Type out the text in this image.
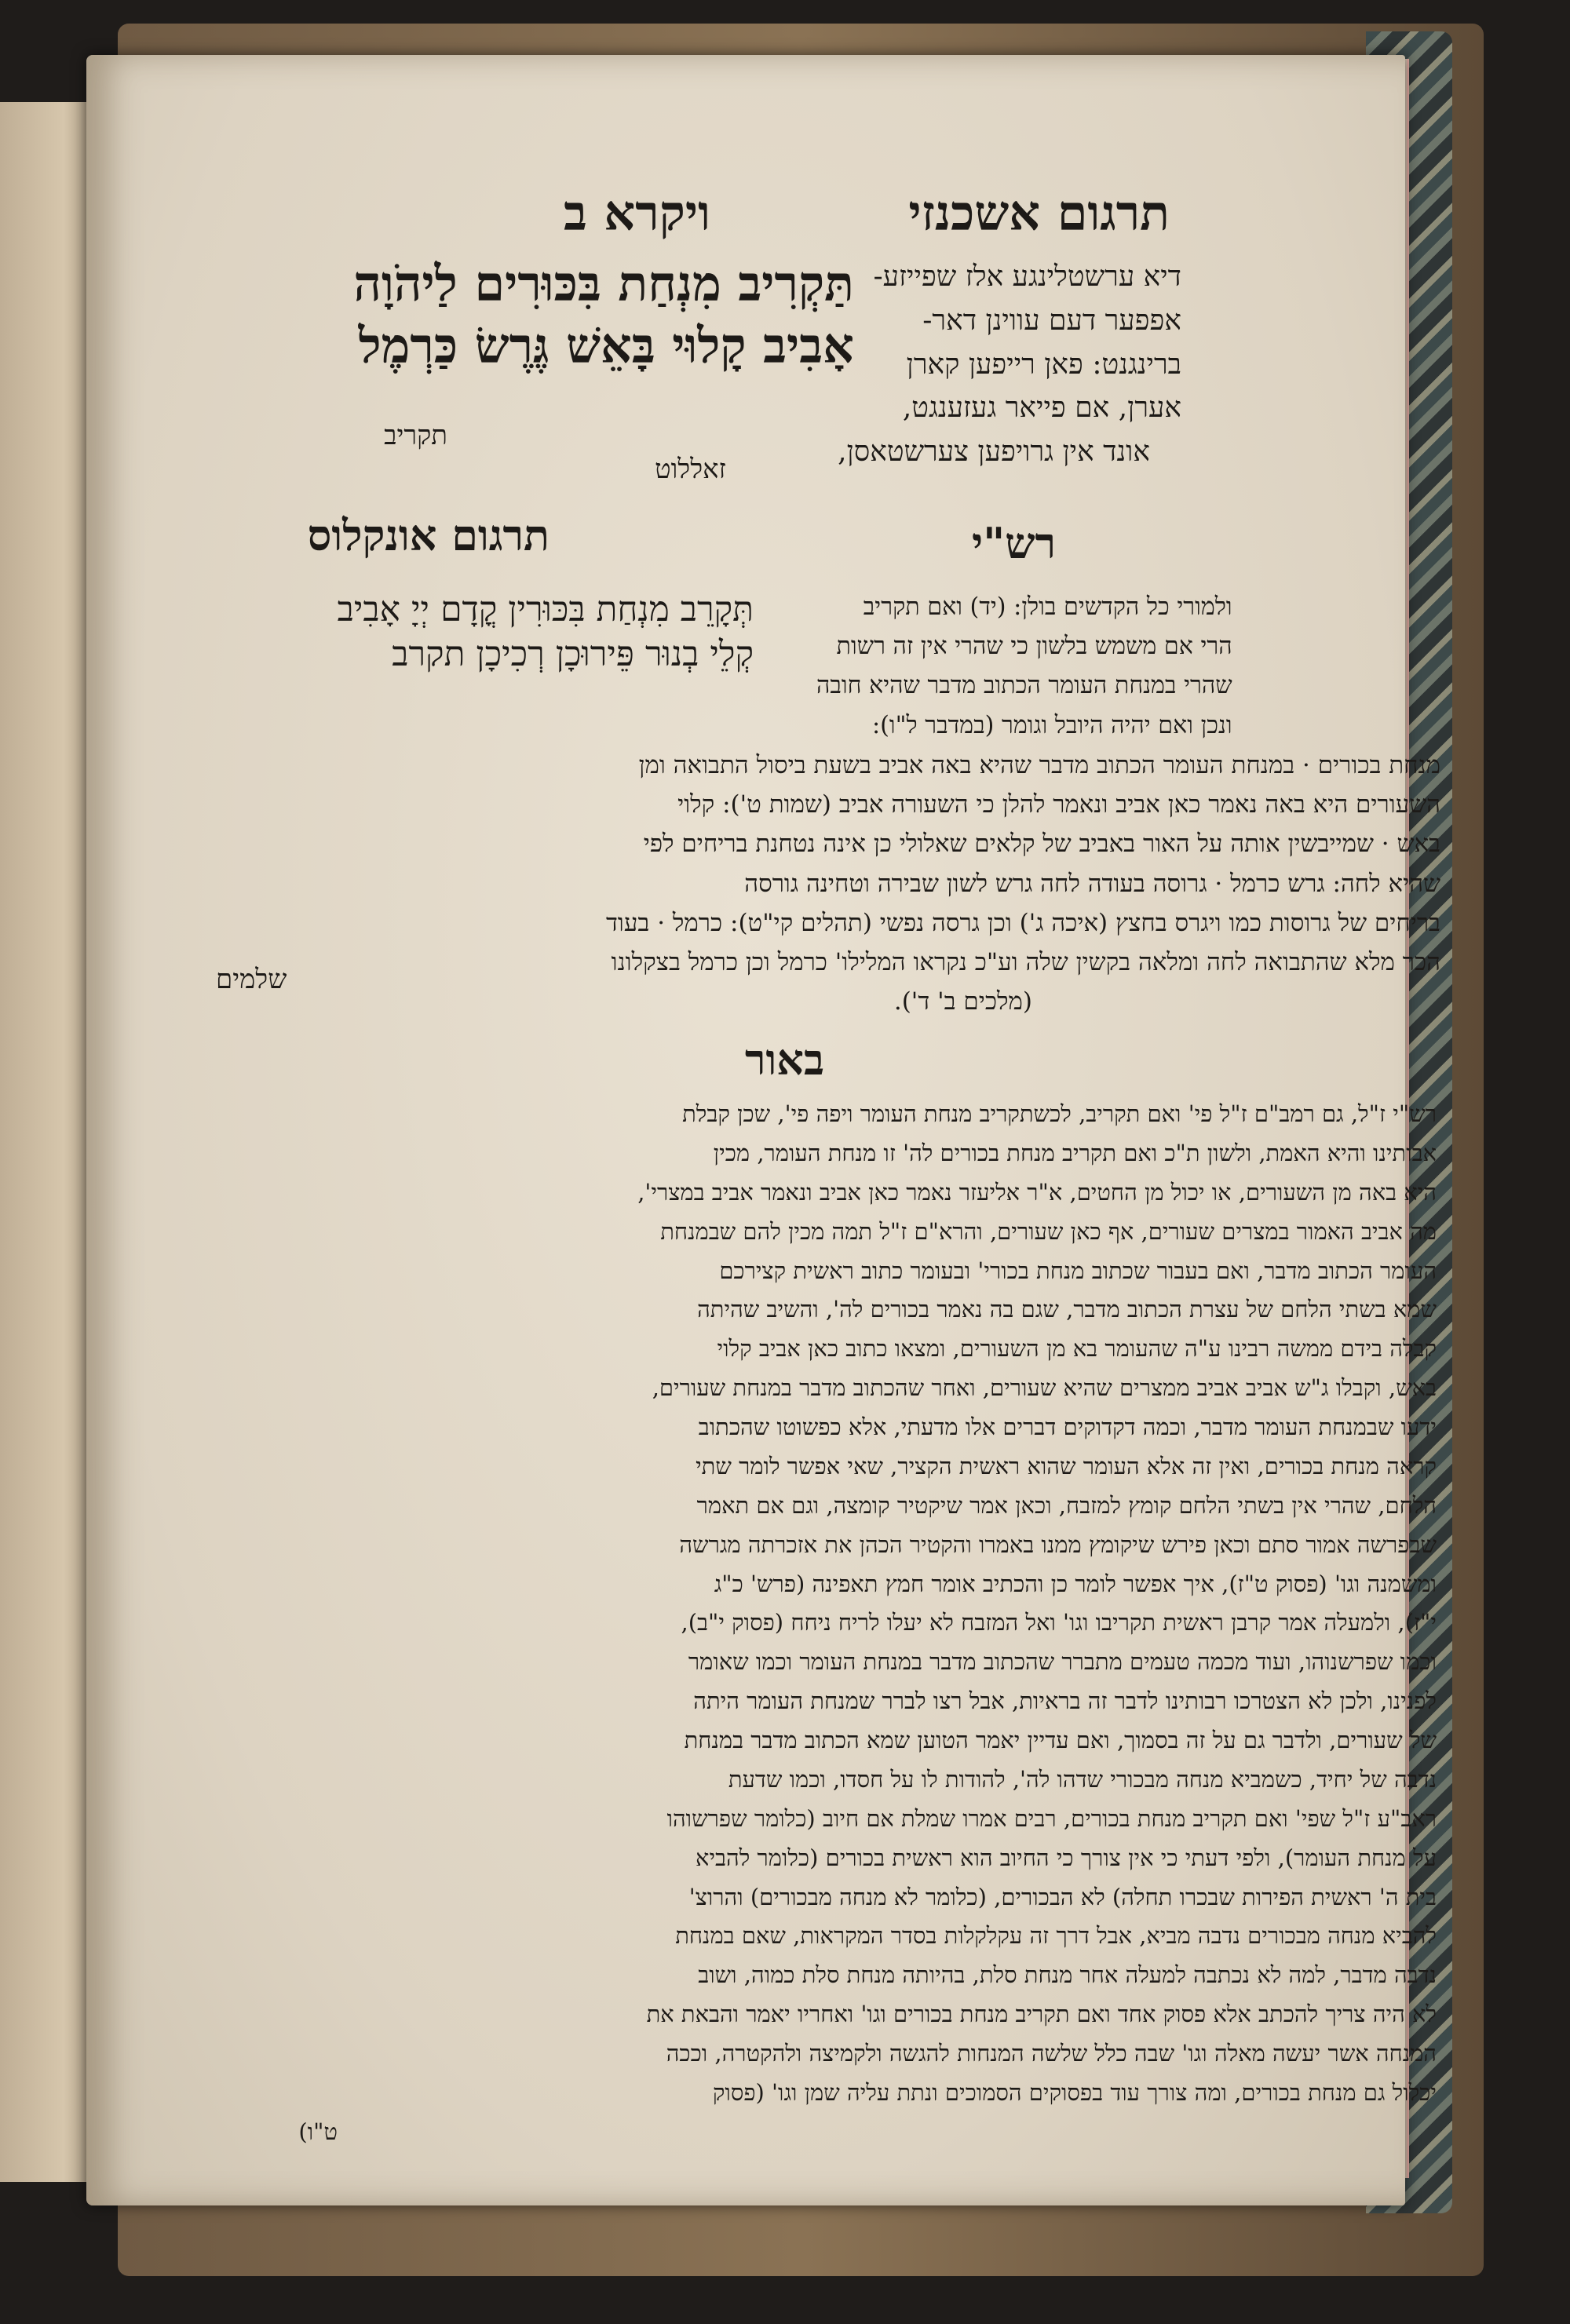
תרגום אשכנזי
ויקרא ב
תַּקְרִיב מִנְחַת בִּכּוּרִים לַיהֹוָה
אָבִיב קָלוּי בָּאֵשׁ גֶּרֶשׂ כַּרְמֶל
תקריב
זאללוט
דיא ערשטלינגע אלז שפייזע-
אפפער דעם עווינן דאר-
ברינגנט: פאן רייפען קארן
אערן, אם פייאר געזענגט,
אונד אין גרויפען צערשטאסן,
תרגום אונקלוס
תְּקָרֵב מִנְחַת בִּכּוּרִין קֳדָם יְיָ אָבִיב
קְלֵי בְנוּר פֵּירוּכָן רְכִיכָן תקרב
רש"י
ולמורי כל הקדשים בולן: (יד) ואם תקריב
הרי אם משמש בלשון כי שהרי אין זה רשות
שהרי במנחת העומר הכתוב מדבר שהיא חובה
ונכן ואם יהיה היובל וגומר (במדבר ל"ו):
מנחת בכורים · במנחת העומר הכתוב מדבר שהיא באה אביב בשעת ביסול התבואה ומן
השעורים היא באה נאמר כאן אביב ונאמר להלן כי השעורה אביב (שמות ט'): קלוי
באש · שמייבשין אותה על האור באביב של קלאים שאלולי כן אינה נטחנת בריחים לפי
שהיא לחה: גרש כרמל · גרוסה בעודה לחה גרש לשון שבירה וטחינה גורסה
בריחים של גרוסות כמו ויגרס בחצץ (איכה ג') וכן גרסה נפשי (תהלים קי"ט): כרמל · בעוד
הכר מלא שהתבואה לחה ומלאה בקשין שלה וע"כ נקראו המלילו' כרמל וכן כרמל בצקלונו
(מלכים ב' ד').
שלמים
באור
רש"י ז"ל, גם רמב"ם ז"ל פי' ואם תקריב, לכשתקריב מנחת העומר ויפה פי', שכן קבלת
אבותינו והיא האמת, ולשון ת"כ ואם תקריב מנחת בכורים לה' זו מנחת העומר, מכין
היא באה מן השעורים, או יכול מן החטים, א"ר אליעזר נאמר כאן אביב ונאמר אביב במצרי',
מה אביב האמור במצרים שעורים, אף כאן שעורים, והרא"ם ז"ל תמה מכין להם שבמנחת
העומר הכתוב מדבר, ואם בעבור שכתוב מנחת בכורי' ובעומר כתוב ראשית קצירכם
שמא בשתי הלחם של עצרת הכתוב מדבר, שגם בה נאמר בכורים לה', והשיב שהיתה
קבלה בידם ממשה רבינו ע"ה שהעומר בא מן השעורים, ומצאו כתוב כאן אביב קלוי
באש, וקבלו ג"ש אביב אביב ממצרים שהיא שעורים, ואחר שהכתוב מדבר במנחת שעורים,
ידעו שבמנחת העומר מדבר, וכמה דקדוקים דברים אלו מדעתי, אלא כפשוטו שהכתוב
קראה מנחת בכורים, ואין זה אלא העומר שהוא ראשית הקציר, שאי אפשר לומר שתי
הלחם, שהרי אין בשתי הלחם קומץ למזבח, וכאן אמר שיקטיר קומצה, וגם אם תאמר
שבפרשה אמור סתם וכאן פירש שיקומץ ממנו באמרו והקטיר הכהן את אזכרתה מגרשה
ומשמנה וגו' (פסוק ט"ז), איך אפשר לומר כן והכתיב אומר חמץ תאפינה (פרש' כ"ג
י"ז), ולמעלה אמר קרבן ראשית תקריבו וגו' ואל המזבח לא יעלו לריח ניחח (פסוק י"ב),
וכמו שפרשנוהו, ועוד מכמה טעמים מתברר שהכתוב מדבר במנחת העומר וכמו שאומר
לפנינו, ולכן לא הצטרכו רבותינו לדבר זה בראיות, אבל רצו לברר שמנחת העומר היתה
של שעורים, ולדבר גם על זה בסמוך, ואם עדיין יאמר הטוען שמא הכתוב מדבר במנחת
נדבה של יחיד, כשמביא מנחה מבכורי שדהו לה', להודות לו על חסדו, וכמו שדעת
ראב"ע ז"ל שפי' ואם תקריב מנחת בכורים, רבים אמרו שמלת אם חיוב (כלומר שפרשוהו
על מנחת העומר), ולפי דעתי כי אין צורך כי החיוב הוא ראשית בכורים (כלומר להביא
בית ה' ראשית הפירות שבכרו תחלה) לא הבכורים, (כלומר לא מנחה מבכורים) והרוצ'
להביא מנחה מבכורים נדבה מביא, אבל דרך זה עקלקלות בסדר המקראות, שאם במנחת
נדבה מדבר, למה לא נכתבה למעלה אחר מנחת סלת, בהיותה מנחת סלת כמוה, ושוב
לא היה צריך להכתב אלא פסוק אחד ואם תקריב מנחת בכורים וגו' ואחריו יאמר והבאת את
המנחה אשר יעשה מאלה וגו' שבה כלל שלשה המנחות להגשה ולקמיצה ולהקטרה, וככה
יכלול גם מנחת בכורים, ומה צורך עוד בפסוקים הסמוכים ונתת עליה שמן וגו' (פסוק
ט"ו)
